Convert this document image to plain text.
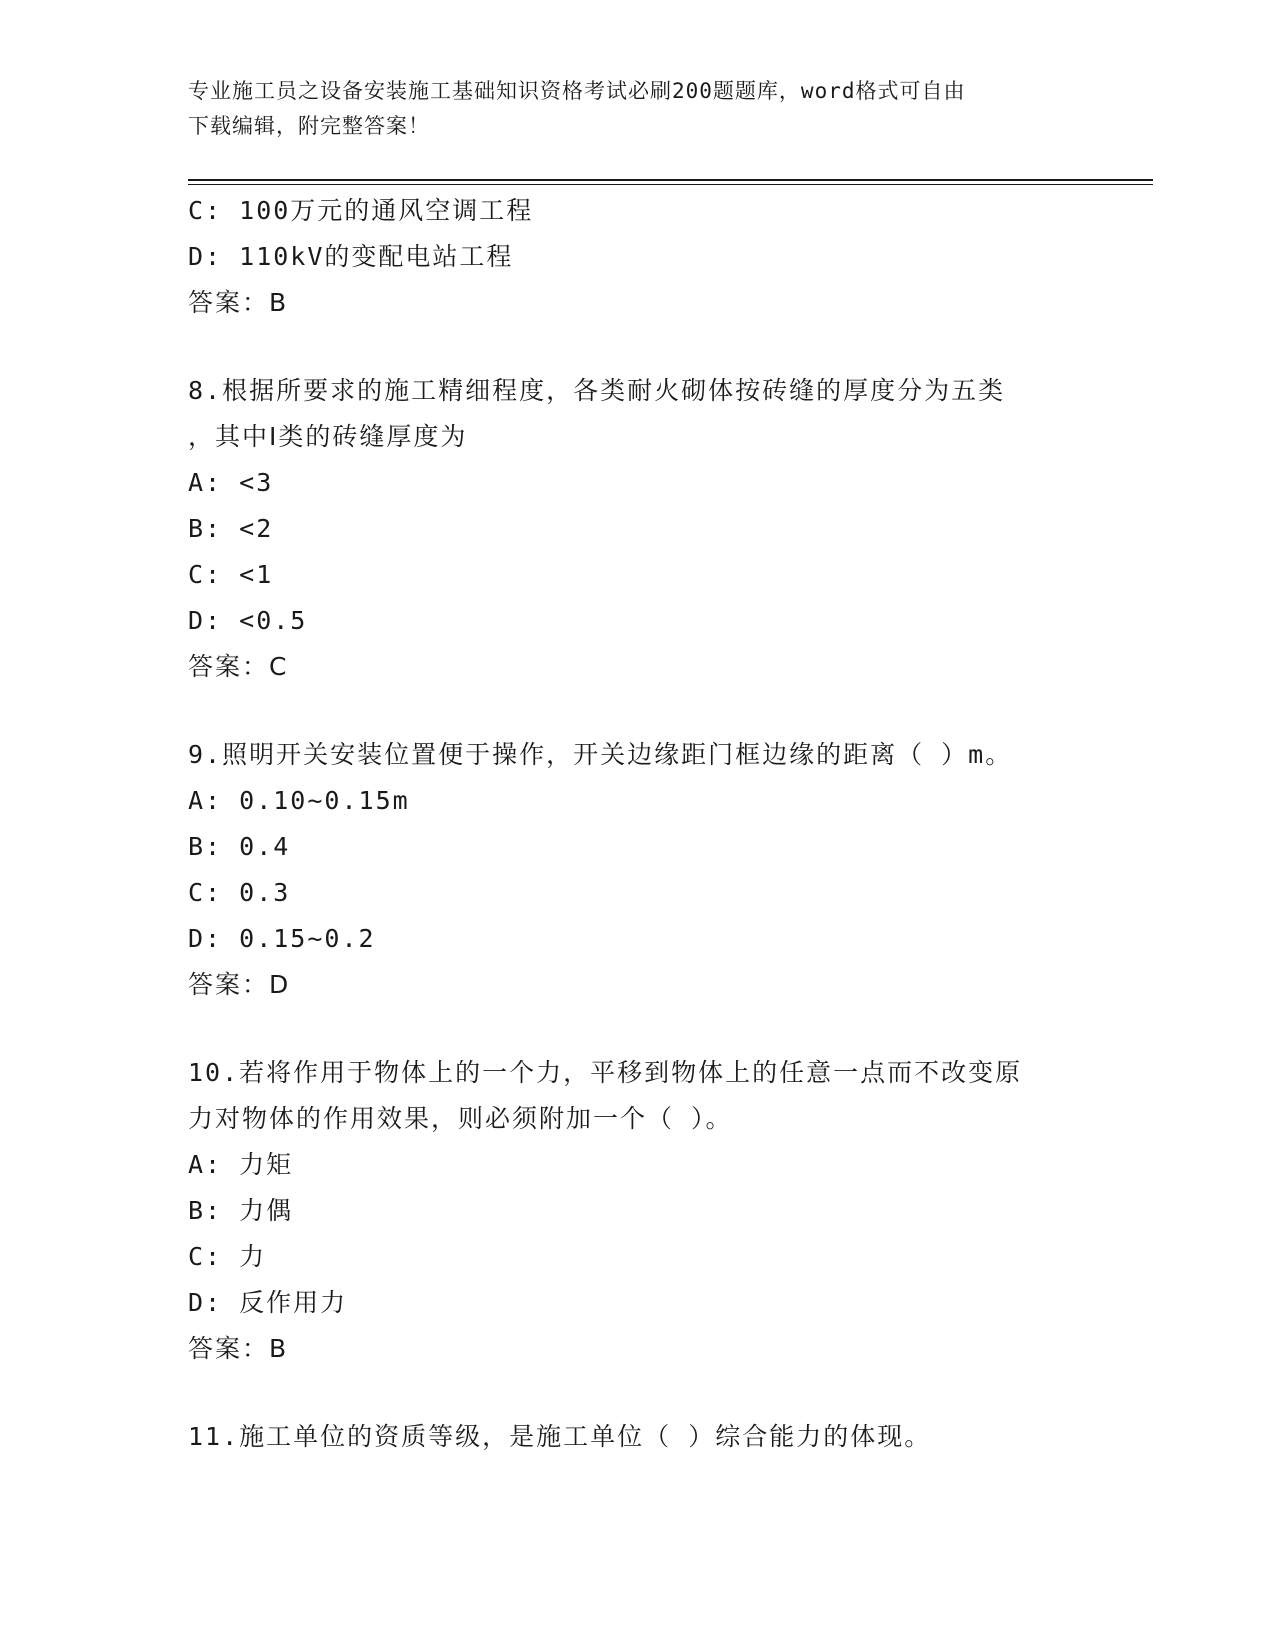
专业施工员之设备安装施工基础知识资格考试必刷200题题库，word格式可自由
下载编辑，附完整答案！
C: 100万元的通风空调工程
D: 110kV的变配电站工程
答案：B
8.根据所要求的施工精细程度，各类耐火砌体按砖缝的厚度分为五类
，其中Ⅰ类的砖缝厚度为
A: <3
B: <2
C: <1
D: <0.5
答案：C
9.照明开关安装位置便于操作，开关边缘距门框边缘的距离（ ）m。
A: 0.10~0.15m
B: 0.4
C: 0.3
D: 0.15~0.2
答案：D
10.若将作用于物体上的一个力，平移到物体上的任意一点而不改变原
力对物体的作用效果，则必须附加一个（ ）。
A: 力矩
B: 力偶
C: 力
D: 反作用力
答案：B
11.施工单位的资质等级，是施工单位（ ）综合能力的体现。
